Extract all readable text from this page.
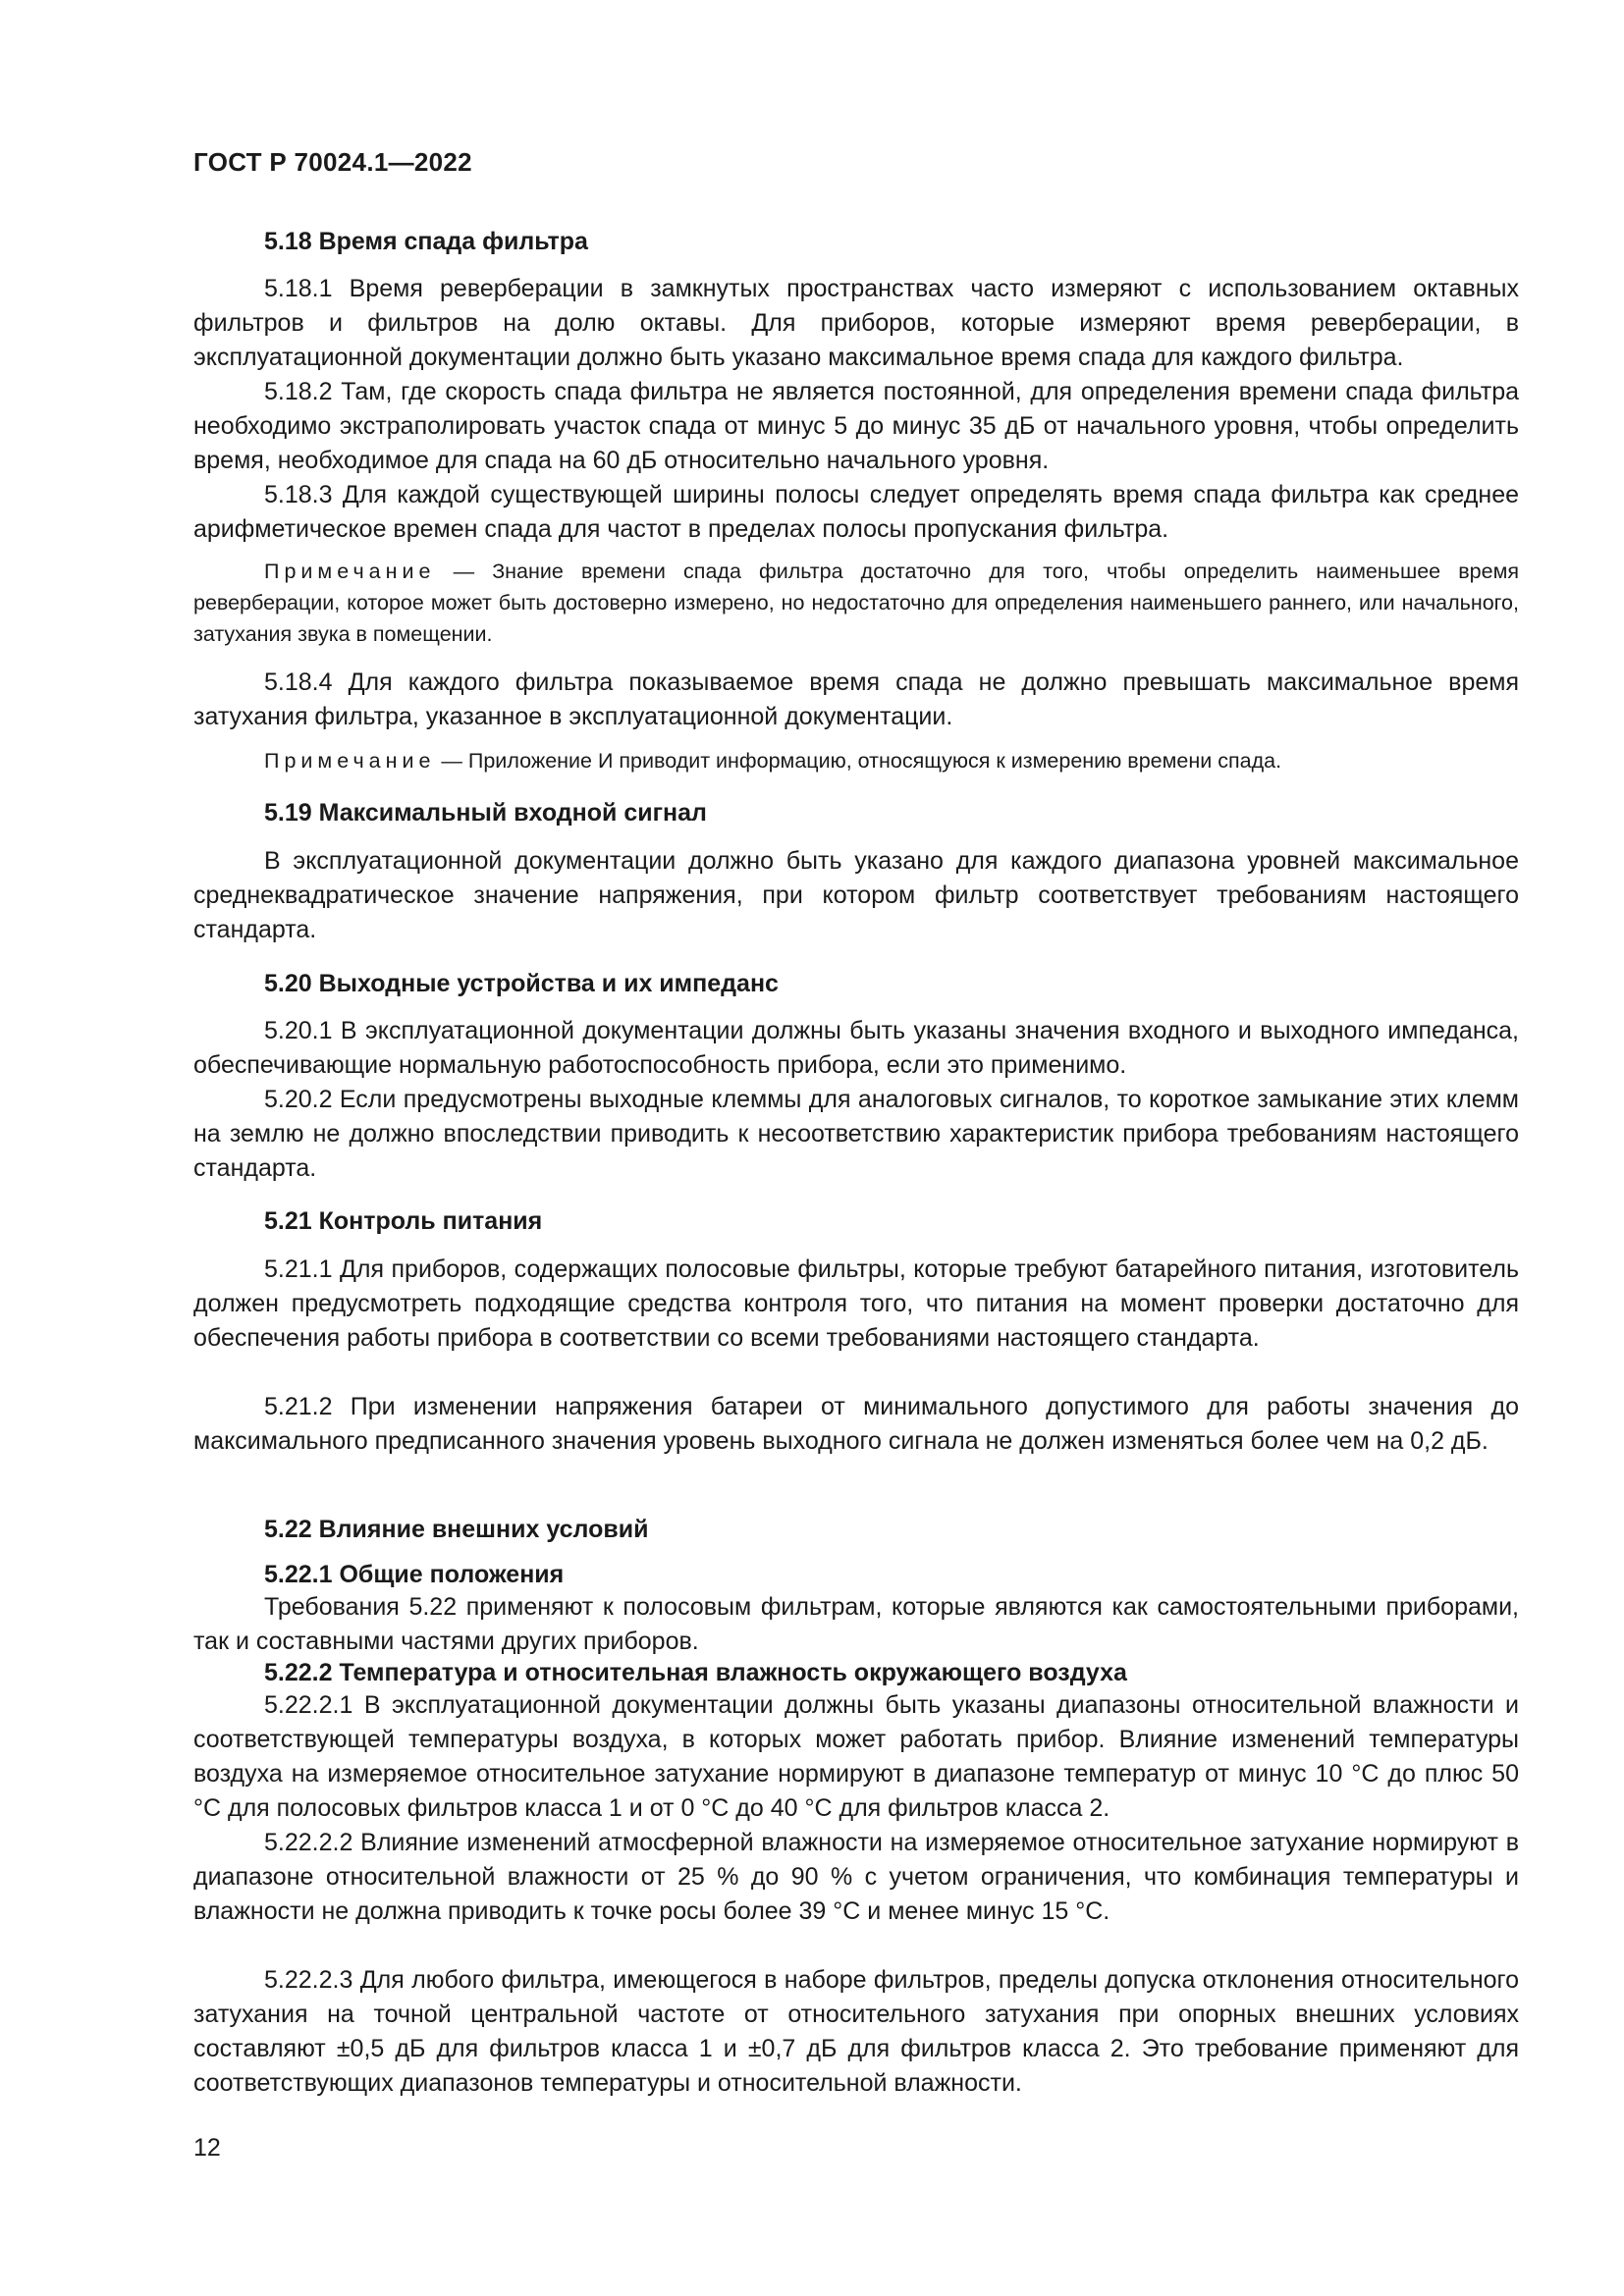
ГОСТ Р 70024.1—2022
5.18 Время спада фильтра

5.18.1 Время реверберации в замкнутых пространствах часто измеряют с использованием октавных фильтров и фильтров на долю октавы. Для приборов, которые измеряют время реверберации, в эксплуатационной документации должно быть указано максимальное время спада для каждого фильтра.

5.18.2 Там, где скорость спада фильтра не является постоянной, для определения времени спада фильтра необходимо экстраполировать участок спада от минус 5 до минус 35 дБ от начального уровня, чтобы определить время, необходимое для спада на 60 дБ относительно начального уровня.

5.18.3 Для каждой существующей ширины полосы следует определять время спада фильтра как среднее арифметическое времен спада для частот в пределах полосы пропускания фильтра.

Примечание — Знание времени спада фильтра достаточно для того, чтобы определить наименьшее время реверберации, которое может быть достоверно измерено, но недостаточно для определения наименьшего раннего, или начального, затухания звука в помещении.

5.18.4 Для каждого фильтра показываемое время спада не должно превышать максимальное время затухания фильтра, указанное в эксплуатационной документации.

Примечание — Приложение И приводит информацию, относящуюся к измерению времени спада.

5.19 Максимальный входной сигнал

В эксплуатационной документации должно быть указано для каждого диапазона уровней максимальное среднеквадратическое значение напряжения, при котором фильтр соответствует требованиям настоящего стандарта.

5.20 Выходные устройства и их импеданс

5.20.1 В эксплуатационной документации должны быть указаны значения входного и выходного импеданса, обеспечивающие нормальную работоспособность прибора, если это применимо.

5.20.2 Если предусмотрены выходные клеммы для аналоговых сигналов, то короткое замыкание этих клемм на землю не должно впоследствии приводить к несоответствию характеристик прибора требованиям настоящего стандарта.

5.21 Контроль питания

5.21.1 Для приборов, содержащих полосовые фильтры, которые требуют батарейного питания, изготовитель должен предусмотреть подходящие средства контроля того, что питания на момент проверки достаточно для обеспечения работы прибора в соответствии со всеми требованиями настоящего стандарта.

5.21.2 При изменении напряжения батареи от минимального допустимого для работы значения до максимального предписанного значения уровень выходного сигнала не должен изменяться более чем на 0,2 дБ.

5.22 Влияние внешних условий
5.22.1 Общие положения

Требования 5.22 применяют к полосовым фильтрам, которые являются как самостоятельными приборами, так и составными частями других приборов.

5.22.2 Температура и относительная влажность окружающего воздуха

5.22.2.1 В эксплуатационной документации должны быть указаны диапазоны относительной влажности и соответствующей температуры воздуха, в которых может работать прибор. Влияние изменений температуры воздуха на измеряемое относительное затухание нормируют в диапазоне температур от минус 10 °С до плюс 50 °С для полосовых фильтров класса 1 и от 0 °С до 40 °С для фильтров класса 2.

5.22.2.2 Влияние изменений атмосферной влажности на измеряемое относительное затухание нормируют в диапазоне относительной влажности от 25 % до 90 % с учетом ограничения, что комбинация температуры и влажности не должна приводить к точке росы более 39 °С и менее минус 15 °С.

5.22.2.3 Для любого фильтра, имеющегося в наборе фильтров, пределы допуска отклонения относительного затухания на точной центральной частоте от относительного затухания при опорных внешних условиях составляют ±0,5 дБ для фильтров класса 1 и ±0,7 дБ для фильтров класса 2. Это требование применяют для соответствующих диапазонов температуры и относительной влажности.

12
